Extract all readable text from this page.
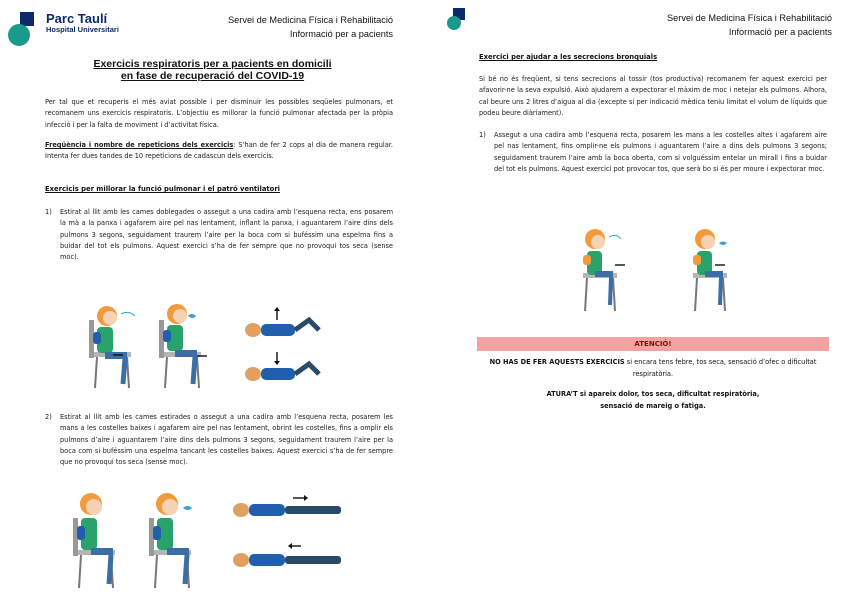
Parc Taulí
Hospital Universitari
Servei de Medicina Física i Rehabilitació
Informació per a pacients
Exercicis respiratoris per a pacients en domicili
en fase de recuperació del COVID-19
Per tal que et recuperis el més aviat possible i per disminuir les possibles seqüeles pulmonars, et recomanem uns exercicis respiratoris. L’objectiu es millorar la funció pulmonar afectada per la pròpia infecció i per la falta de moviment i d’activitat física.
Freqüència i nombre de repeticions dels exercicis: S’han de fer 2 cops al dia de manera regular. Intenta fer dues tandes de 10 repeticions de cadascun dels exercicis.
Exercicis per millorar la funció pulmonar i el patró ventilatori
1) Estirat al llit amb les cames doblegades o assegut a una cadira amb l’esquena recta, ens posarem la mà a la panxa i agafarem aire pel nas lentament, inflant la panxa, i aguantarem l’aire dins dels pulmons 3 segons, seguidament traurem l’aire per la boca com si buféssim una espelma fins a buidar del tot els pulmons. Aquest exercici s’ha de fer sempre que no provoqui tos seca (sense moc).
2) Estirat al llit amb les cames estirades o assegut a una cadira amb l’esquena recta, posarem les mans a les costelles baixes i agafarem aire pel nas lentament, obrint les costelles, fins a omplir els pulmons d’aire i aguantarem l’aire dins dels pulmons 3 segons, seguidament traurem l’aire per la boca com si buféssim una espelma tancant les costelles baixes. Aquest exercici s’ha de fer sempre que no provoqui tos seca (sense moc).
Servei de Medicina Física i Rehabilitació
Informació per a pacients
Exercici per ajudar a les secrecions bronquials
Si bé no és freqüent, si tens secrecions al tossir (tos productiva) recomanem fer aquest exercici per afavorir-ne la seva expulsió. Això ajudarem a expectorar el màxim de moc i netejar els pulmons. Alhora, cal beure uns 2 litres d’aigua al dia (excepte si per indicació mèdica teniu limitat el volum de líquids que podeu beure diàriament).
1) Assegut a una cadira amb l’esquena recta, posarem les mans a les costelles altes i agafarem aire pel nas lentament, fins omplir-ne els pulmons i aguantarem l’aire a dins dels pulmons 3 segons; seguidament traurem l’aire amb la boca oberta, com si volguéssim entelar un mirall i fins a buidar del tot els pulmons. Aquest exercici pot provocar tos, que serà bo si és per moure i expectorar moc.
ATENCIÓ!
NO HAS DE FER AQUESTS EXERCICIS si encara tens febre, tos seca, sensació d’ofec o dificultat respiratòria.
ATURA’T si apareix dolor, tos seca, dificultat respiratòria,
sensació de mareig o fatiga.
